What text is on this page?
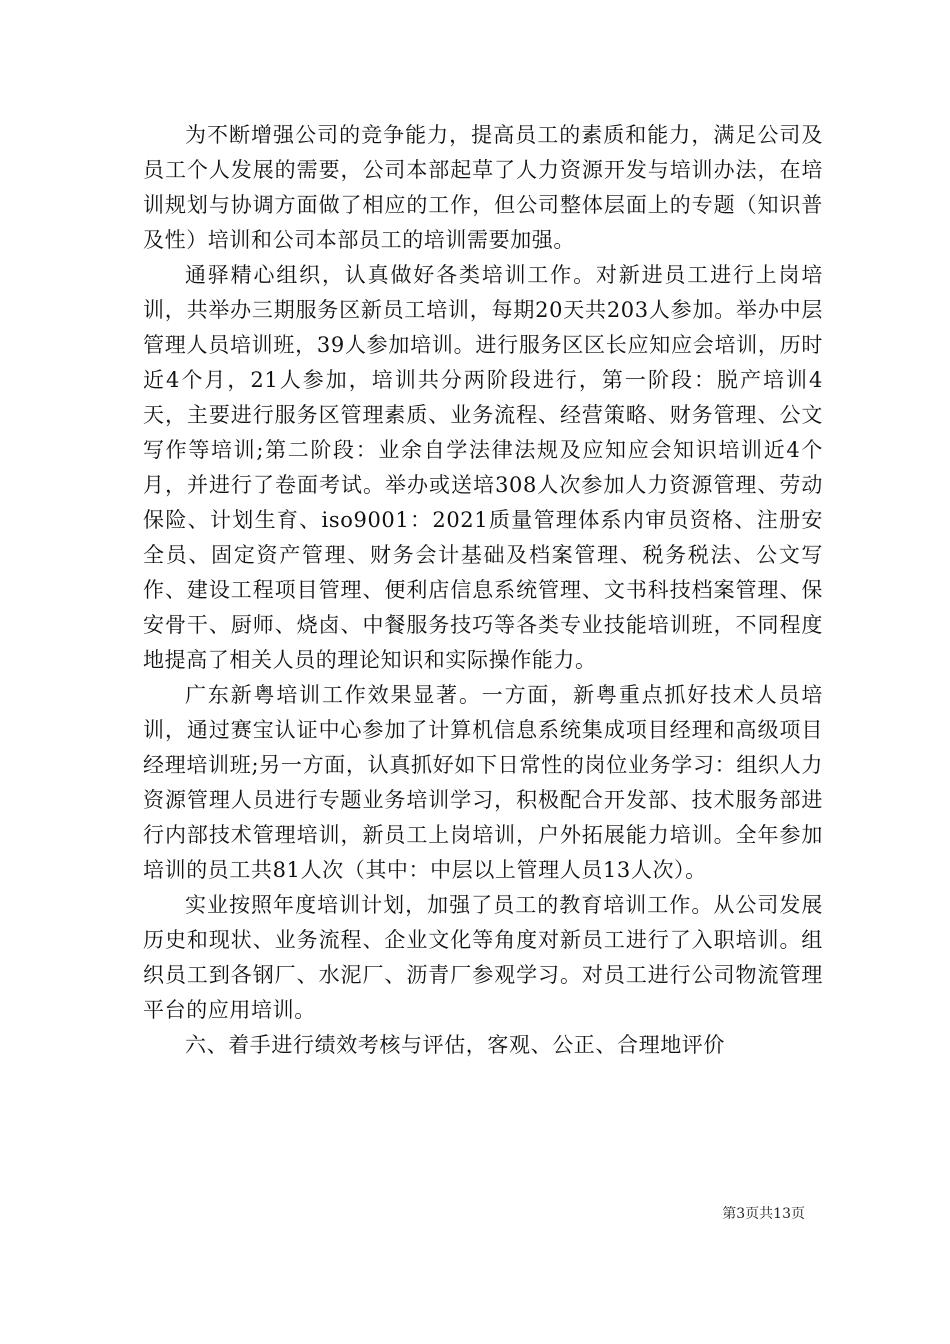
为不断增强公司的竞争能力，提高员工的素质和能力，满足公司及员工个人发展的需要，公司本部起草了人力资源开发与培训办法，在培训规划与协调方面做了相应的工作，但公司整体层面上的专题（知识普及性）培训和公司本部员工的培训需要加强。

通驿精心组织，认真做好各类培训工作。对新进员工进行上岗培训，共举办三期服务区新员工培训，每期20天共203人参加。举办中层管理人员培训班，39人参加培训。进行服务区区长应知应会培训，历时近4个月，21人参加，培训共分两阶段进行，第一阶段：脱产培训4天，主要进行服务区管理素质、业务流程、经营策略、财务管理、公文写作等培训;第二阶段：业余自学法律法规及应知应会知识培训近4个月，并进行了卷面考试。举办或送培308人次参加人力资源管理、劳动保险、计划生育、iso9001：2021质量管理体系内审员资格、注册安全员、固定资产管理、财务会计基础及档案管理、税务税法、公文写作、建设工程项目管理、便利店信息系统管理、文书科技档案管理、保安骨干、厨师、烧卤、中餐服务技巧等各类专业技能培训班，不同程度地提高了相关人员的理论知识和实际操作能力。

广东新粤培训工作效果显著。一方面，新粤重点抓好技术人员培训，通过赛宝认证中心参加了计算机信息系统集成项目经理和高级项目经理培训班;另一方面，认真抓好如下日常性的岗位业务学习：组织人力资源管理人员进行专题业务培训学习，积极配合开发部、技术服务部进行内部技术管理培训，新员工上岗培训，户外拓展能力培训。全年参加培训的员工共81人次（其中：中层以上管理人员13人次）。

实业按照年度培训计划，加强了员工的教育培训工作。从公司发展历史和现状、业务流程、企业文化等角度对新员工进行了入职培训。组织员工到各钢厂、水泥厂、沥青厂参观学习。对员工进行公司物流管理平台的应用培训。

六、着手进行绩效考核与评估，客观、公正、合理地评价

第3页共13页
